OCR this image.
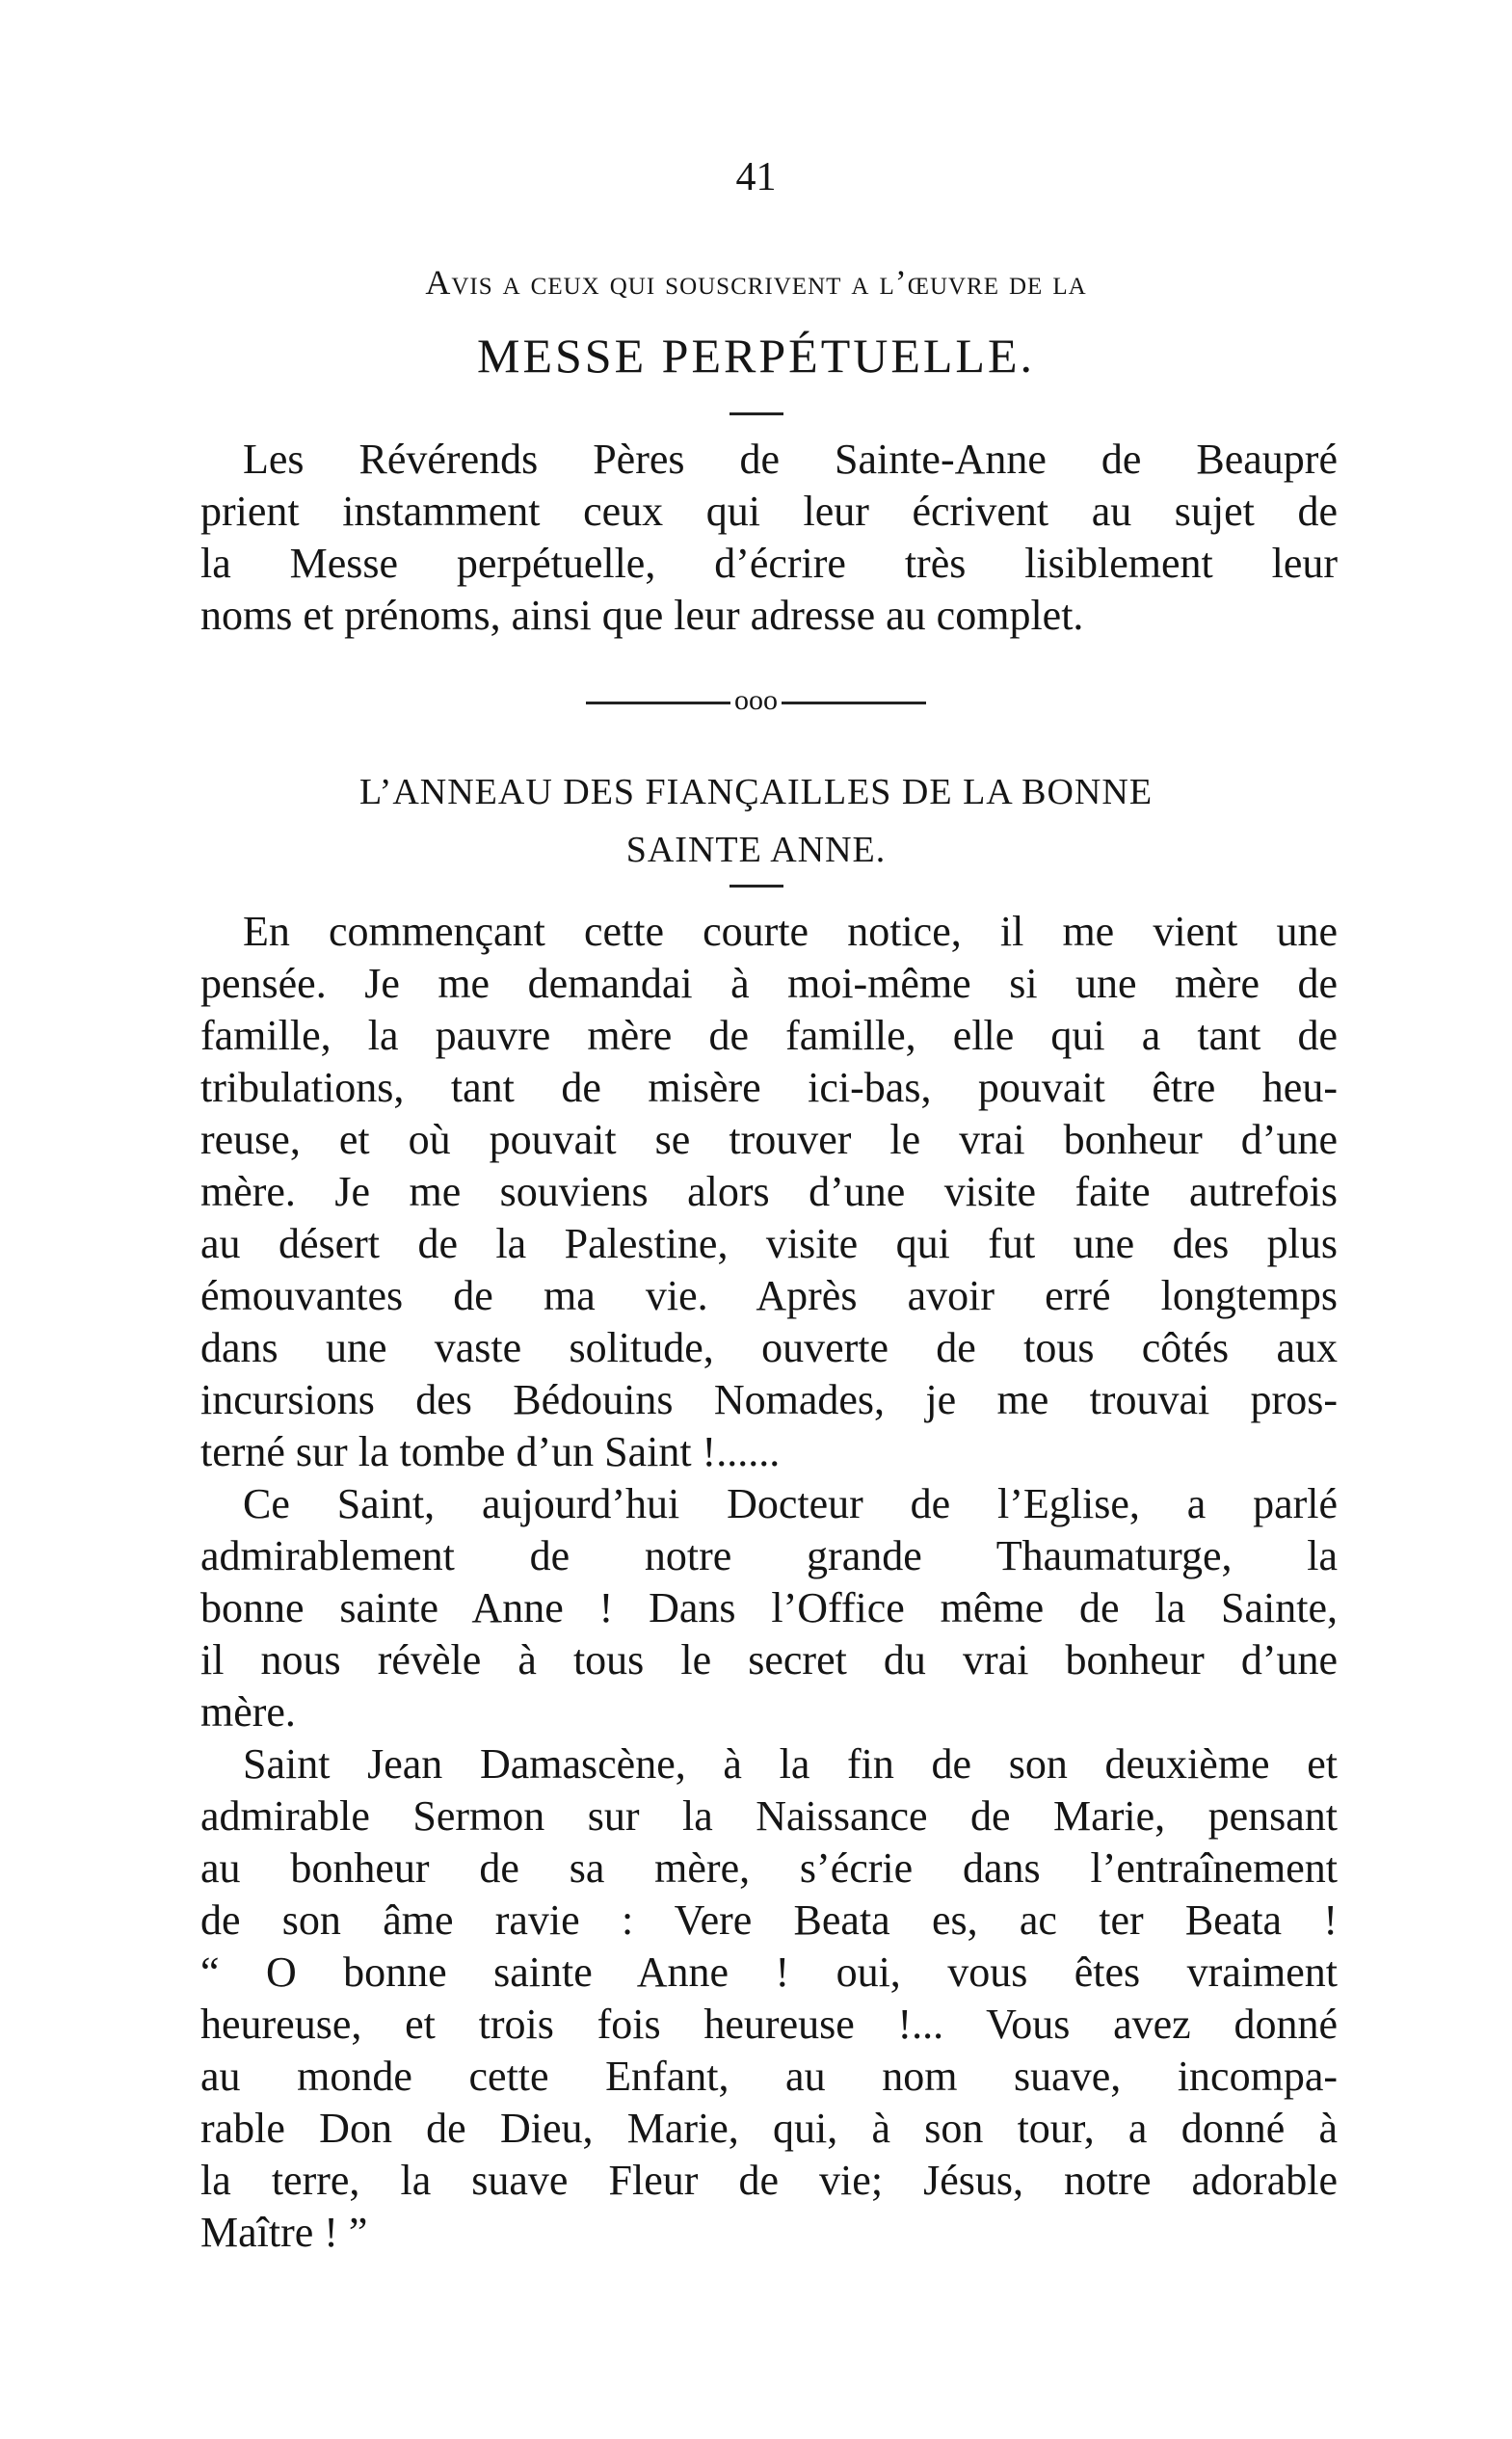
41
Avis a ceux qui souscrivent a l’œuvre de la
MESSE PERPÉTUELLE.
Les Révérends Pères de Sainte-Anne de Beaupré
prient instamment ceux qui leur écrivent au sujet de
la Messe perpétuelle, d’écrire très lisiblement leur
noms et prénoms, ainsi que leur adresse au complet.
ooo
L’ANNEAU DES FIANÇAILLES DE LA BONNE
SAINTE ANNE.
En commençant cette courte notice, il me vient une
pensée. Je me demandai à moi-même si une mère de
famille, la pauvre mère de famille, elle qui a tant de
tribulations, tant de misère ici-bas, pouvait être heu-
reuse, et où pouvait se trouver le vrai bonheur d’une
mère. Je me souviens alors d’une visite faite autrefois
au désert de la Palestine, visite qui fut une des plus
émouvantes de ma vie. Après avoir erré longtemps
dans une vaste solitude, ouverte de tous côtés aux
incursions des Bédouins Nomades, je me trouvai pros-
terné sur la tombe d’un Saint !......
Ce Saint, aujourd’hui Docteur de l’Eglise, a parlé
admirablement de notre grande Thaumaturge, la
bonne sainte Anne ! Dans l’Office même de la Sainte,
il nous révèle à tous le secret du vrai bonheur d’une
mère.
Saint Jean Damascène, à la fin de son deuxième et
admirable Sermon sur la Naissance de Marie, pensant
au bonheur de sa mère, s’écrie dans l’entraînement
de son âme ravie : Vere Beata es, ac ter Beata !
“ O bonne sainte Anne ! oui, vous êtes vraiment
heureuse, et trois fois heureuse !... Vous avez donné
au monde cette Enfant, au nom suave, incompa-
rable Don de Dieu, Marie, qui, à son tour, a donné à
la terre, la suave Fleur de vie; Jésus, notre adorable
Maître ! ”
